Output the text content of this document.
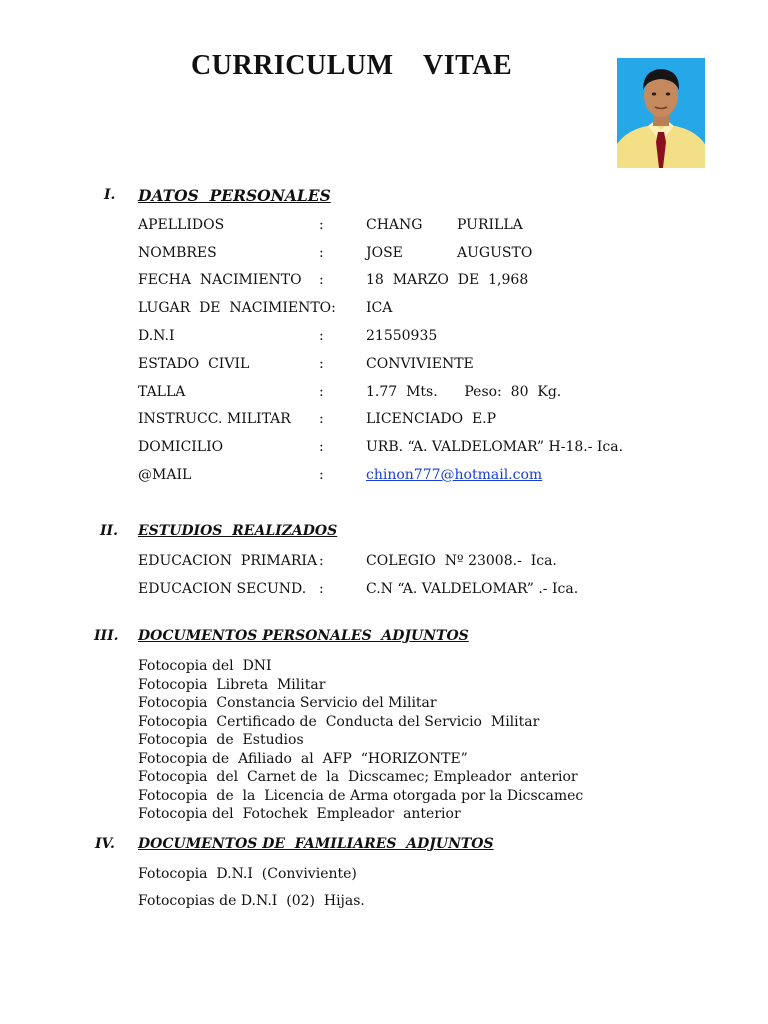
CURRICULUM    VITAE
I. DATOS  PERSONALES
APELLIDOS	:	CHANG PURILLA
NOMBRES	:	JOSE	AUGUSTO
FECHA  NACIMIENTO :	18  MARZO  DE  1,968
LUGAR  DE  NACIMIENTO: ICA
D.N.I	:	21550935
ESTADO  CIVIL	:	CONVIVIENTE
TALLA	:	1.77  Mts.      Peso:  80  Kg.
INSTRUCC. MILITAR :	LICENCIADO  E.P
DOMICILIO	:	URB. “A. VALDELOMAR” H-18.- Ica.
@MAIL	:	chinon777@hotmail.com
II. ESTUDIOS  REALIZADOS
EDUCACION  PRIMARIA :	COLEGIO  Nº 23008.-  Ica.
EDUCACION SECUND. :	C.N “A. VALDELOMAR” .- Ica.
III. DOCUMENTOS PERSONALES  ADJUNTOS
Fotocopia del  DNI
Fotocopia  Libreta  Militar
Fotocopia  Constancia Servicio del Militar
Fotocopia  Certificado de  Conducta del Servicio  Militar
Fotocopia  de  Estudios
Fotocopia de  Afiliado  al  AFP  “HORIZONTE”
Fotocopia  del  Carnet de  la  Dicscamec; Empleador  anterior
Fotocopia  de  la  Licencia de Arma otorgada por la Dicscamec
Fotocopia del  Fotochek  Empleador  anterior
IV. DOCUMENTOS DE  FAMILIARES  ADJUNTOS
Fotocopia  D.N.I  (Conviviente)
Fotocopias de D.N.I  (02)  Hijas.
